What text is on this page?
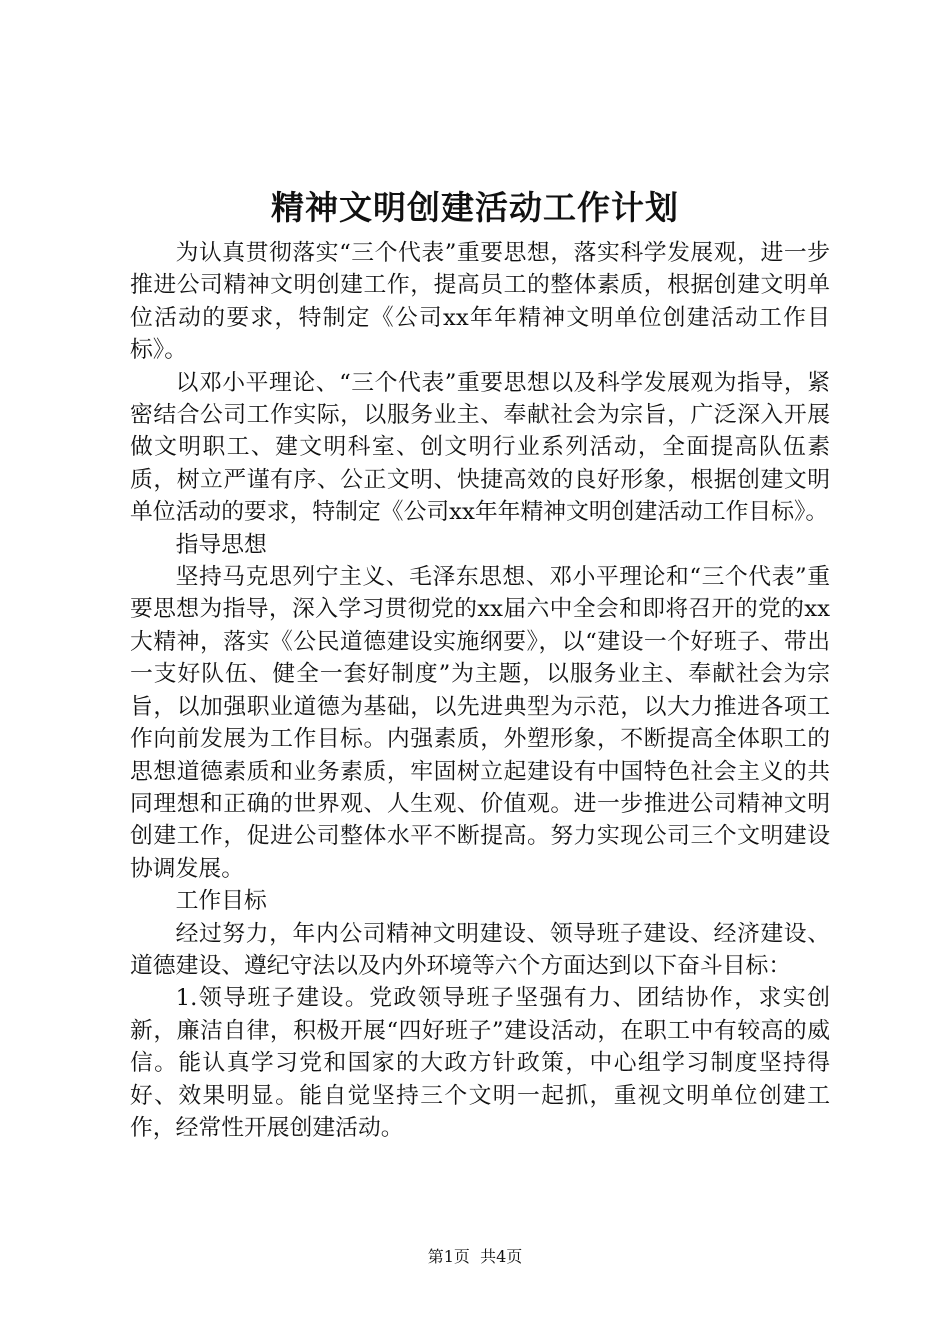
精神文明创建活动工作计划

为认真贯彻落实“三个代表”重要思想，落实科学发展观，进一步推进公司精神文明创建工作，提高员工的整体素质，根据创建文明单位活动的要求，特制定《公司xx年年精神文明单位创建活动工作目标》。

以邓小平理论、“三个代表”重要思想以及科学发展观为指导，紧密结合公司工作实际，以服务业主、奉献社会为宗旨，广泛深入开展做文明职工、建文明科室、创文明行业系列活动，全面提高队伍素质，树立严谨有序、公正文明、快捷高效的良好形象，根据创建文明单位活动的要求，特制定《公司xx年年精神文明创建活动工作目标》。

指导思想

坚持马克思列宁主义、毛泽东思想、邓小平理论和“三个代表”重要思想为指导，深入学习贯彻党的xx届六中全会和即将召开的党的xx大精神，落实《公民道德建设实施纲要》，以“建设一个好班子、带出一支好队伍、健全一套好制度”为主题，以服务业主、奉献社会为宗旨，以加强职业道德为基础，以先进典型为示范，以大力推进各项工作向前发展为工作目标。内强素质，外塑形象，不断提高全体职工的思想道德素质和业务素质，牢固树立起建设有中国特色社会主义的共同理想和正确的世界观、人生观、价值观。进一步推进公司精神文明创建工作，促进公司整体水平不断提高。努力实现公司三个文明建设协调发展。

工作目标

经过努力，年内公司精神文明建设、领导班子建设、经济建设、道德建设、遵纪守法以及内外环境等六个方面达到以下奋斗目标：

1.领导班子建设。党政领导班子坚强有力、团结协作，求实创新，廉洁自律，积极开展“四好班子”建设活动，在职工中有较高的威信。能认真学习党和国家的大政方针政策，中心组学习制度坚持得好、效果明显。能自觉坚持三个文明一起抓，重视文明单位创建工作，经常性开展创建活动。

第1页 共4页
